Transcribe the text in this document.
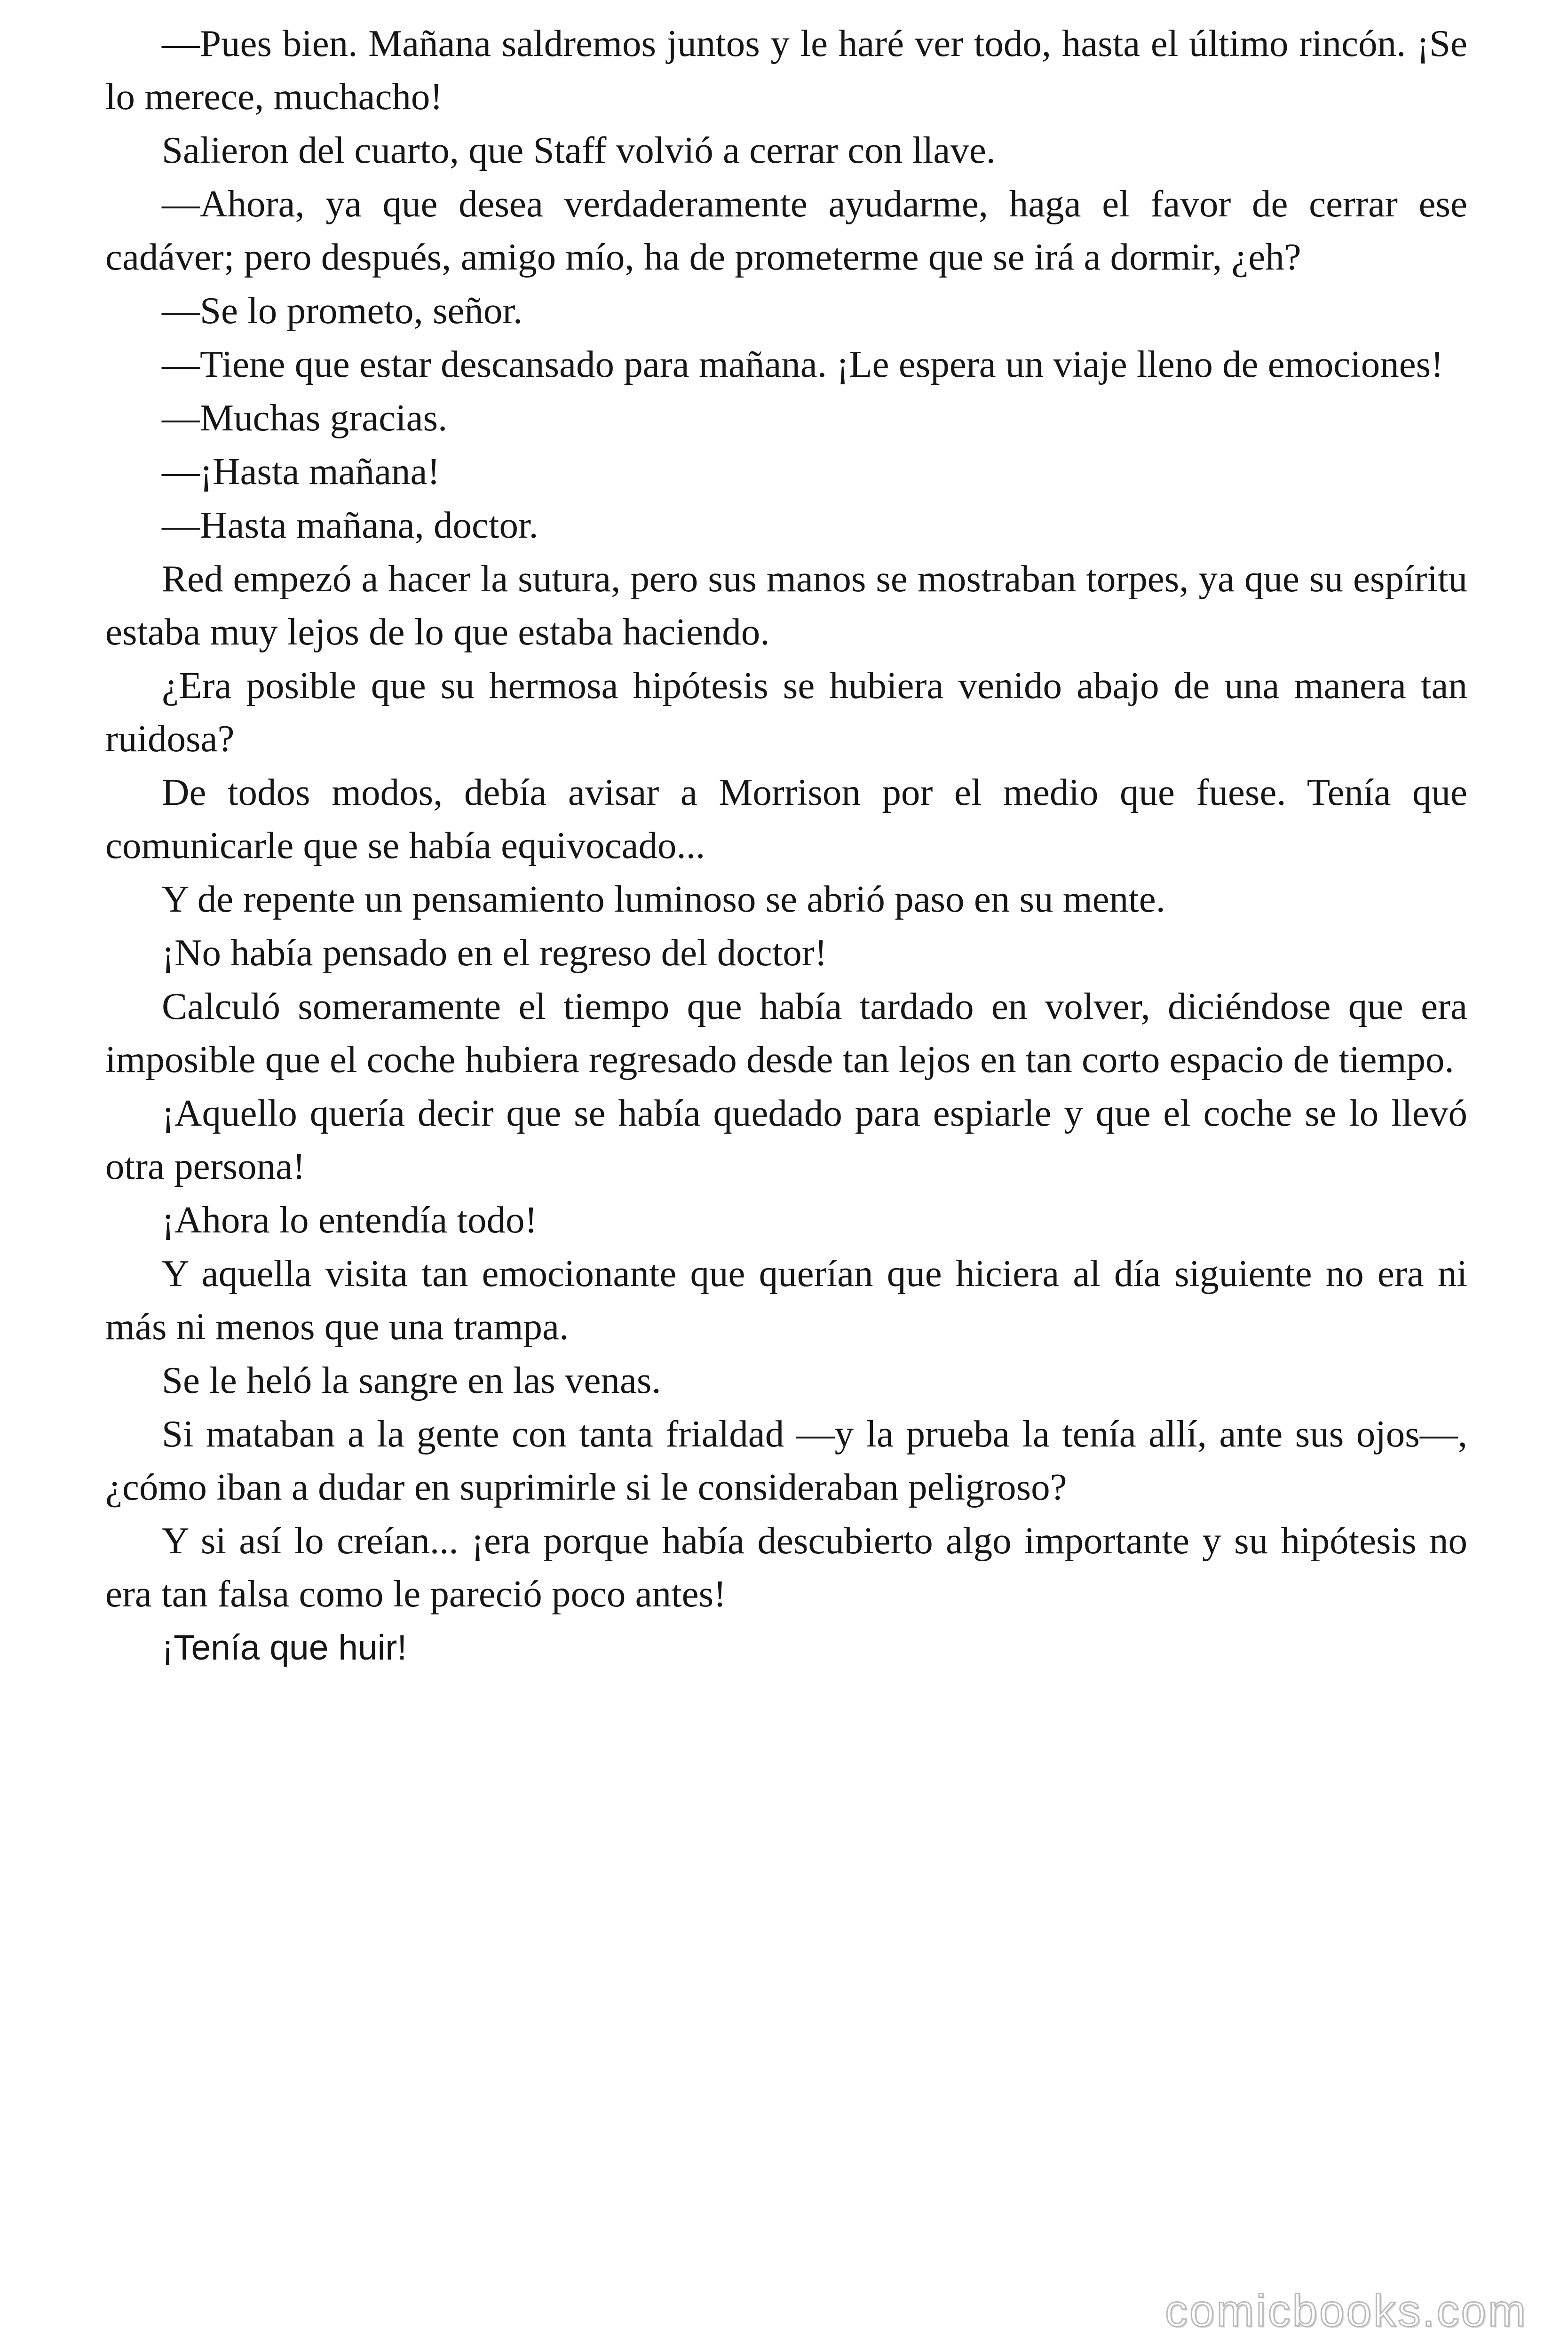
—Pues bien. Mañana saldremos juntos y le haré ver todo, hasta el último rincón. ¡Se lo merece, muchacho!

Salieron del cuarto, que Staff volvió a cerrar con llave.

—Ahora, ya que desea verdaderamente ayudarme, haga el favor de cerrar ese cadáver; pero después, amigo mío, ha de prometerme que se irá a dormir, ¿eh?

—Se lo prometo, señor.

—Tiene que estar descansado para mañana. ¡Le espera un viaje lleno de emociones!

—Muchas gracias.

—¡Hasta mañana!

—Hasta mañana, doctor.

Red empezó a hacer la sutura, pero sus manos se mostraban torpes, ya que su espíritu estaba muy lejos de lo que estaba haciendo.

¿Era posible que su hermosa hipótesis se hubiera venido abajo de una manera tan ruidosa?

De todos modos, debía avisar a Morrison por el medio que fuese. Tenía que comunicarle que se había equivocado...

Y de repente un pensamiento luminoso se abrió paso en su mente.

¡No había pensado en el regreso del doctor!

Calculó someramente el tiempo que había tardado en volver, diciéndose que era imposible que el coche hubiera regresado desde tan lejos en tan corto espacio de tiempo.

¡Aquello quería decir que se había quedado para espiarle y que el coche se lo llevó otra persona!

¡Ahora lo entendía todo!

Y aquella visita tan emocionante que querían que hiciera al día siguiente no era ni más ni menos que una trampa.

Se le heló la sangre en las venas.

Si mataban a la gente con tanta frialdad —y la prueba la tenía allí, ante sus ojos—, ¿cómo iban a dudar en suprimirle si le consideraban peligroso?

Y si así lo creían... ¡era porque había descubierto algo importante y su hipótesis no era tan falsa como le pareció poco antes!

¡Tenía que huir!

comicbooks.com
